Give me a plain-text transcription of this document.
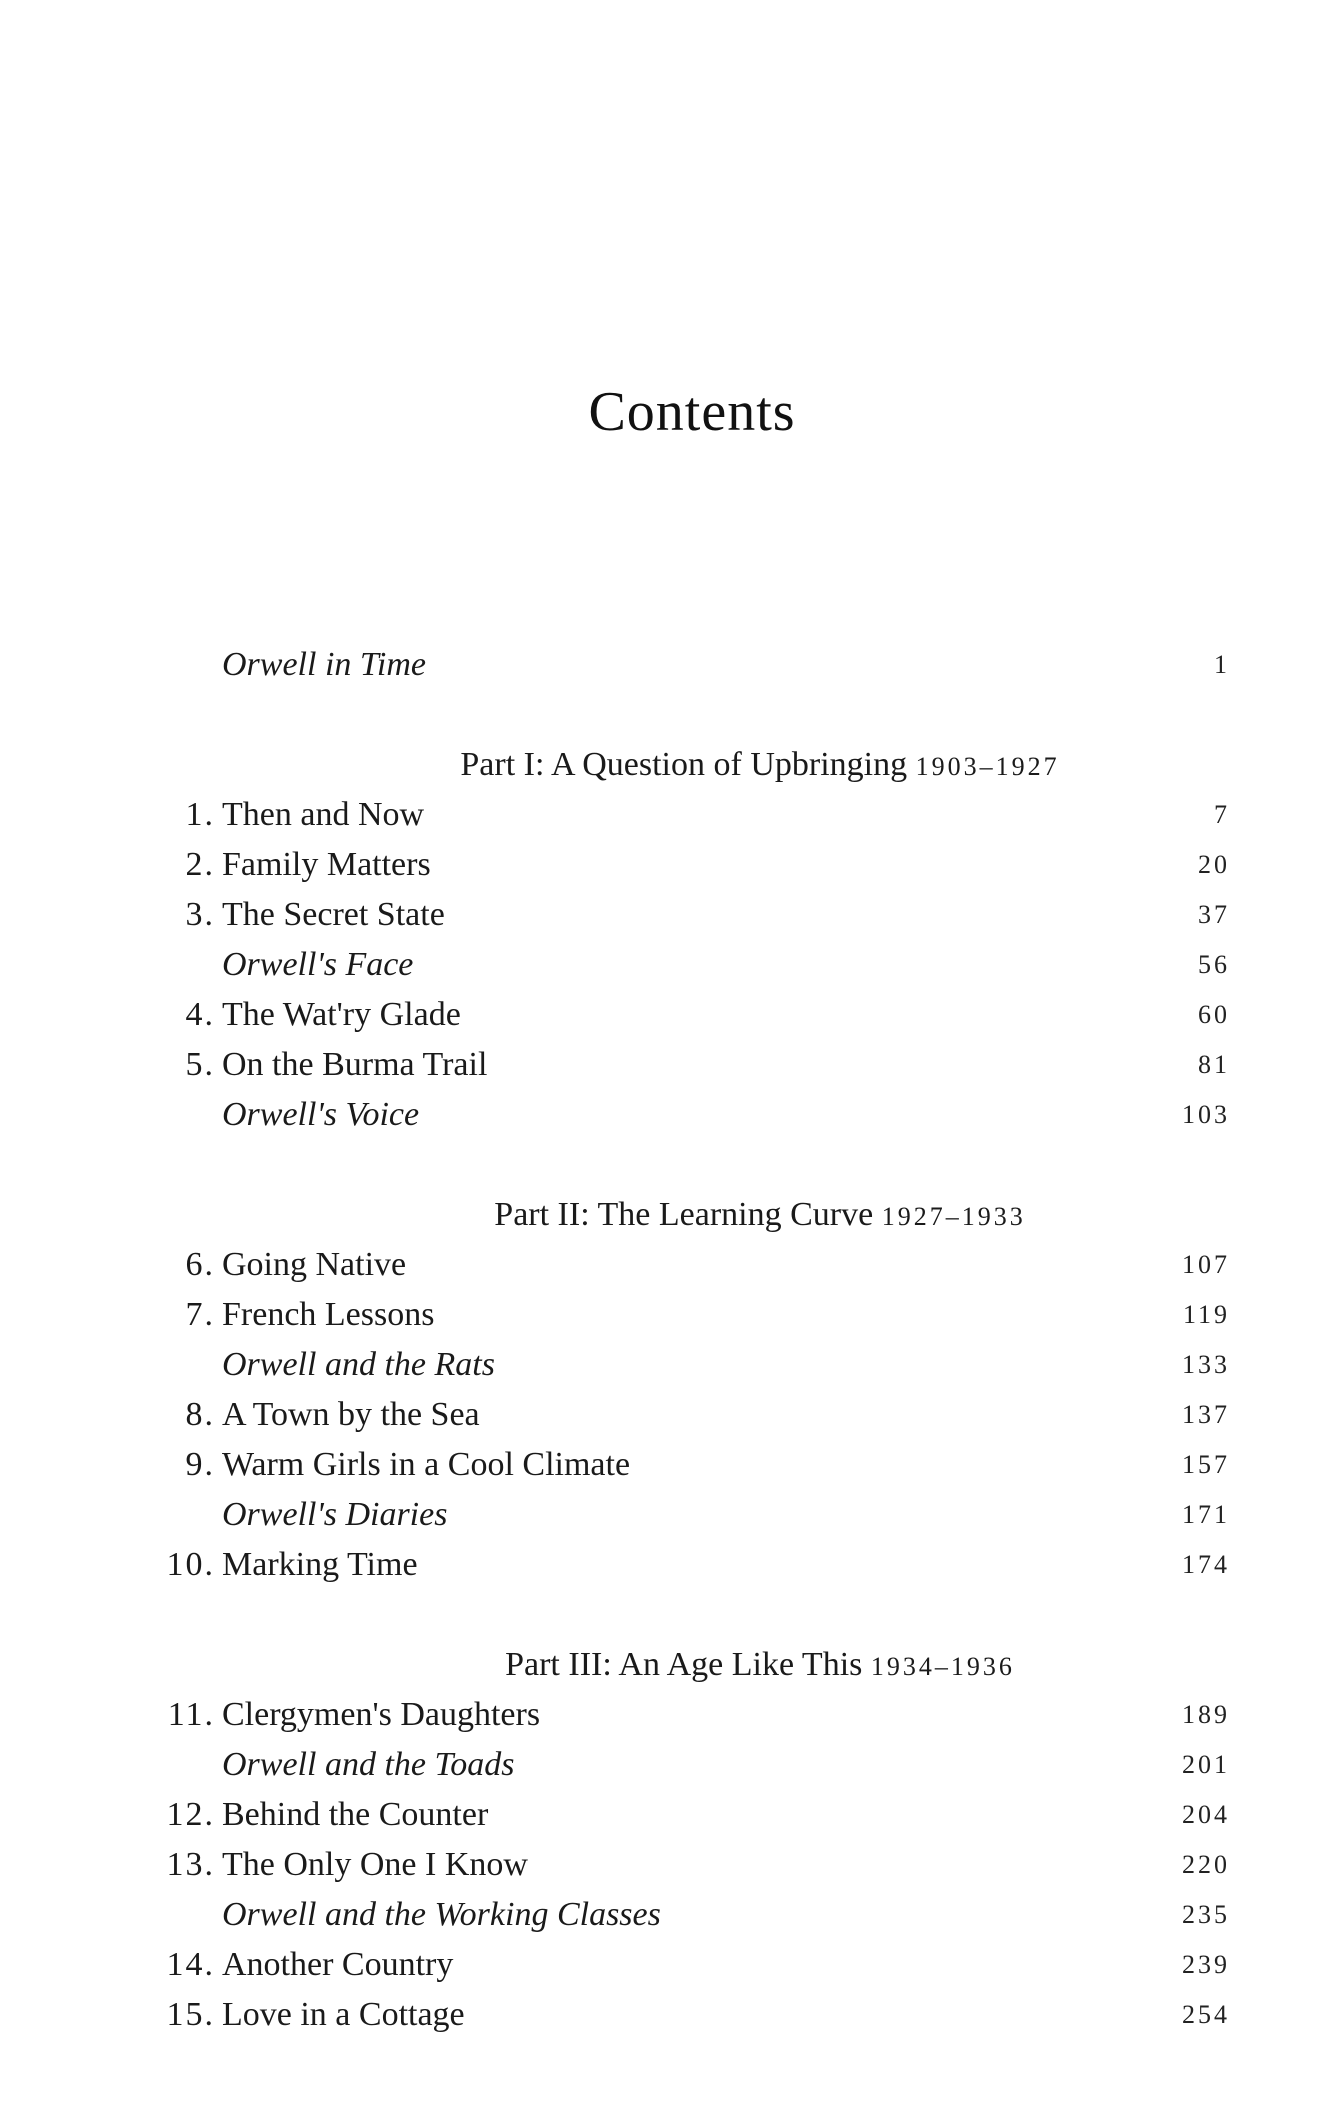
Contents
Orwell in Time	1
Part I: A Question of Upbringing 1903–1927
1. Then and Now	7
2. Family Matters	20
3. The Secret State	37
Orwell's Face	56
4. The Wat'ry Glade	60
5. On the Burma Trail	81
Orwell's Voice	103
Part II: The Learning Curve 1927–1933
6. Going Native	107
7. French Lessons	119
Orwell and the Rats	133
8. A Town by the Sea	137
9. Warm Girls in a Cool Climate	157
Orwell's Diaries	171
10. Marking Time	174
Part III: An Age Like This 1934–1936
11. Clergymen's Daughters	189
Orwell and the Toads	201
12. Behind the Counter	204
13. The Only One I Know	220
Orwell and the Working Classes	235
14. Another Country	239
15. Love in a Cottage	254
